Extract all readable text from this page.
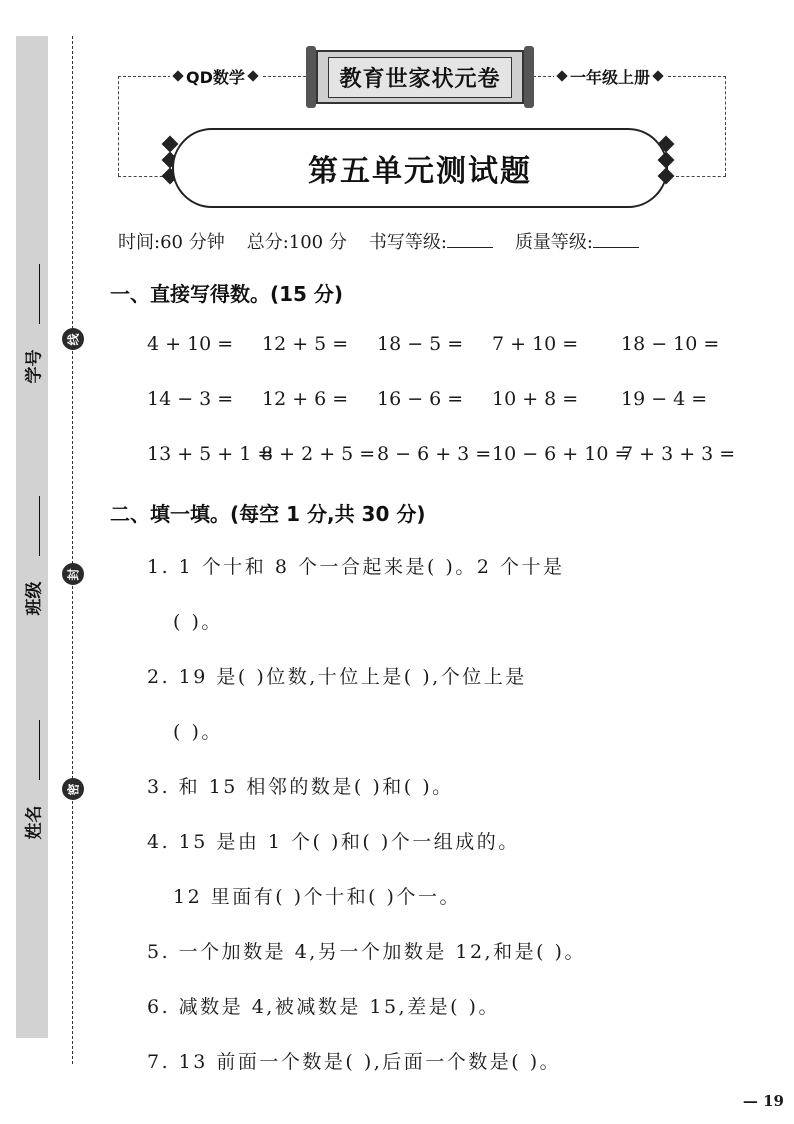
学号
班级
姓名
线
封
密
QD数学	一年级上册
教育世家状元卷
第五单元测试题
时间:60 分钟 总分:100 分 书写等级:	质量等级:
一、直接写得数。(15 分)
4 + 10 = 12 + 5 = 18 − 5 = 7 + 10 = 18 − 10 =
14 − 3 = 12 + 6 = 16 − 6 = 10 + 8 = 19 − 4 =
13 + 5 + 1 =
8 + 2 + 5 = 8 − 6 + 3 = 10 − 6 + 10 =
7 + 3 + 3 =
二、填一填。(每空 1 分,共 30 分)
1. 1 个十和 8 个一合起来是( )。2 个十是
( )。
2. 19 是( )位数,十位上是( ),个位上是
( )。
3. 和 15 相邻的数是( )和( )。
4. 15 是由 1 个( )和( )个一组成的。
12 里面有( )个十和( )个一。
5. 一个加数是 4,另一个加数是 12,和是( )。
6. 减数是 4,被减数是 15,差是( )。
7. 13 前面一个数是( ),后面一个数是( )。
— 19
